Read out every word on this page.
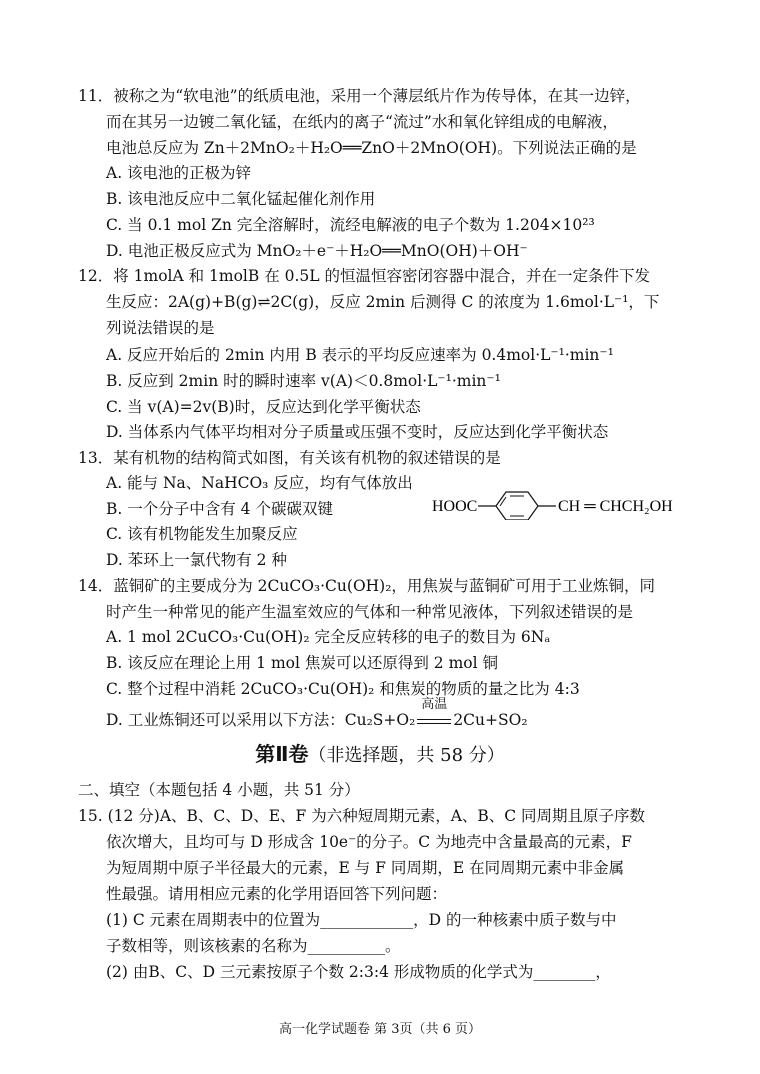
11．被称之为“软电池”的纸质电池，采用一个薄层纸片作为传导体，在其一边锌，
而在其另一边镀二氧化锰，在纸内的离子“流过”水和氧化锌组成的电解液，
电池总反应为 Zn＋2MnO₂＋H₂O══ZnO＋2MnO(OH)。下列说法正确的是
A. 该电池的正极为锌
B. 该电池反应中二氧化锰起催化剂作用
C. 当 0.1 mol Zn 完全溶解时，流经电解液的电子个数为 1.204×10²³
D. 电池正极反应式为 MnO₂＋e⁻＋H₂O══MnO(OH)＋OH⁻
12．将 1molA 和 1molB 在 0.5L 的恒温恒容密闭容器中混合，并在一定条件下发
生反应：2A(g)+B(g)⇌2C(g)，反应 2min 后测得 C 的浓度为 1.6mol·L⁻¹，下
列说法错误的是
A. 反应开始后的 2min 内用 B 表示的平均反应速率为 0.4mol·L⁻¹·min⁻¹
B. 反应到 2min 时的瞬时速率 v(A)＜0.8mol·L⁻¹·min⁻¹
C. 当 v(A)=2v(B)时，反应达到化学平衡状态
D. 当体系内气体平均相对分子质量或压强不变时，反应达到化学平衡状态
13．某有机物的结构简式如图，有关该有机物的叙述错误的是
A. 能与 Na、NaHCO₃ 反应，均有气体放出
B. 一个分子中含有 4 个碳碳双键
C. 该有机物能发生加聚反应
D. 苯环上一氯代物有 2 种
HOOC	CH ═ CHCH₂OH
14．蓝铜矿的主要成分为 2CuCO₃·Cu(OH)₂，用焦炭与蓝铜矿可用于工业炼铜，同
时产生一种常见的能产生温室效应的气体和一种常见液体，下列叙述错误的是
A. 1 mol 2CuCO₃·Cu(OH)₂ 完全反应转移的电子的数目为 6Nₐ
B. 该反应在理论上用 1 mol 焦炭可以还原得到 2 mol 铜
C. 整个过程中消耗 2CuCO₃·Cu(OH)₂ 和焦炭的物质的量之比为 4:3
D. 工业炼铜还可以采用以下方法：Cu₂S+O₂
高温
2Cu+SO₂
第Ⅱ卷（非选择题，共 58 分）
二、填空（本题包括 4 小题，共 51 分）
15. (12 分)A、B、C、D、E、F 为六种短周期元素，A、B、C 同周期且原子序数
依次增大，且均可与 D 形成含 10e⁻的分子。C 为地壳中含量最高的元素，F
为短周期中原子半径最大的元素，E 与 F 同周期，E 在同周期元素中非金属
性最强。请用相应元素的化学用语回答下列问题：
(1) C 元素在周期表中的位置为____________，D 的一种核素中质子数与中
子数相等，则该核素的名称为__________。
(2) 由B、C、D 三元素按原子个数 2:3:4 形成物质的化学式为________，
高一化学试题卷 第 3页（共 6 页）
